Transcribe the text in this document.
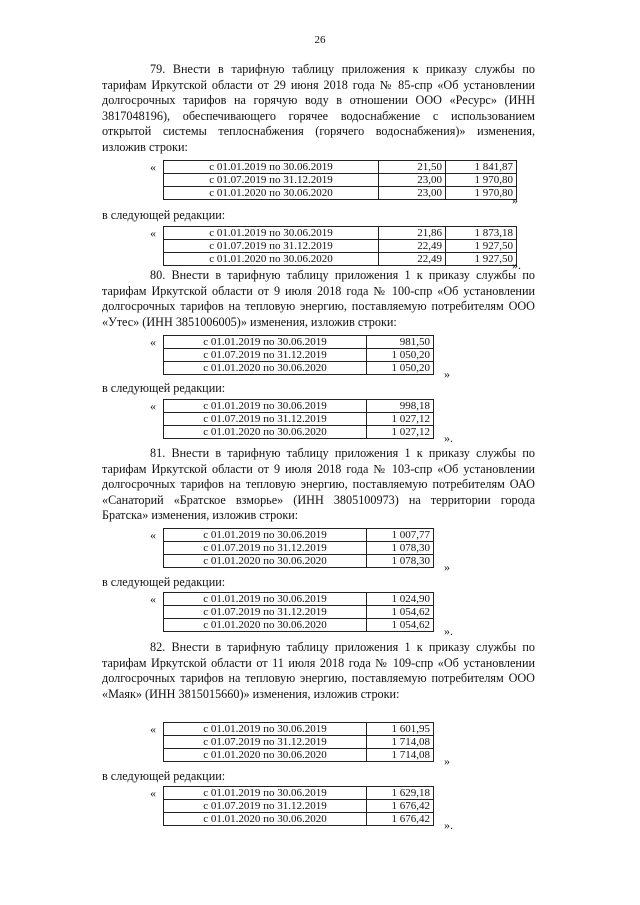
26
79. Внести в тарифную таблицу приложения к приказу службы по тарифам Иркутской области от 29 июня 2018 года № 85-спр «Об установлении долгосрочных тарифов на горячую воду в отношении ООО «Ресурс» (ИНН 3817048196), обеспечивающего горячее водоснабжение с использованием открытой системы теплоснабжения (горячего водоснабжения)» изменения, изложив строки:
«	с 01.01.2019 по 30.06.2019	21,50	1 841,87
с 01.07.2019 по 31.12.2019	23,00	1 970,80
с 01.01.2020 по 30.06.2020	23,00	1 970,80 »
в следующей редакции:
«	с 01.01.2019 по 30.06.2019	21,86	1 873,18
с 01.07.2019 по 31.12.2019	22,49	1 927,50
с 01.01.2020 по 30.06.2020	22,49	1 927,50 ».
80. Внести в тарифную таблицу приложения 1 к приказу службы по тарифам Иркутской области от 9 июля 2018 года № 100-спр «Об установлении долгосрочных тарифов на тепловую энергию, поставляемую потребителям ООО «Утес» (ИНН 3851006005)» изменения, изложив строки:
«	с 01.01.2019 по 30.06.2019	981,50
с 01.07.2019 по 31.12.2019	1 050,20
с 01.01.2020 по 30.06.2020	1 050,20 »
в следующей редакции:
«	с 01.01.2019 по 30.06.2019	998,18
с 01.07.2019 по 31.12.2019	1 027,12
с 01.01.2020 по 30.06.2020	1 027,12 ».
81. Внести в тарифную таблицу приложения 1 к приказу службы по тарифам Иркутской области от 9 июля 2018 года № 103-спр «Об установлении долгосрочных тарифов на тепловую энергию, поставляемую потребителям ОАО «Санаторий «Братское взморье» (ИНН 3805100973) на территории города Братска» изменения, изложив строки:
«	с 01.01.2019 по 30.06.2019	1 007,77
с 01.07.2019 по 31.12.2019	1 078,30
с 01.01.2020 по 30.06.2020	1 078,30 »
в следующей редакции:
«	с 01.01.2019 по 30.06.2019	1 024,90
с 01.07.2019 по 31.12.2019	1 054,62
с 01.01.2020 по 30.06.2020	1 054,62 ».
82. Внести в тарифную таблицу приложения 1 к приказу службы по тарифам Иркутской области от 11 июля 2018 года № 109-спр «Об установлении долгосрочных тарифов на тепловую энергию, поставляемую потребителям ООО «Маяк» (ИНН 3815015660)» изменения, изложив строки:
«	с 01.01.2019 по 30.06.2019	1 601,95
с 01.07.2019 по 31.12.2019	1 714,08
с 01.01.2020 по 30.06.2020	1 714,08 »
в следующей редакции:
«	с 01.01.2019 по 30.06.2019	1 629,18
с 01.07.2019 по 31.12.2019	1 676,42
с 01.01.2020 по 30.06.2020	1 676,42 ».
